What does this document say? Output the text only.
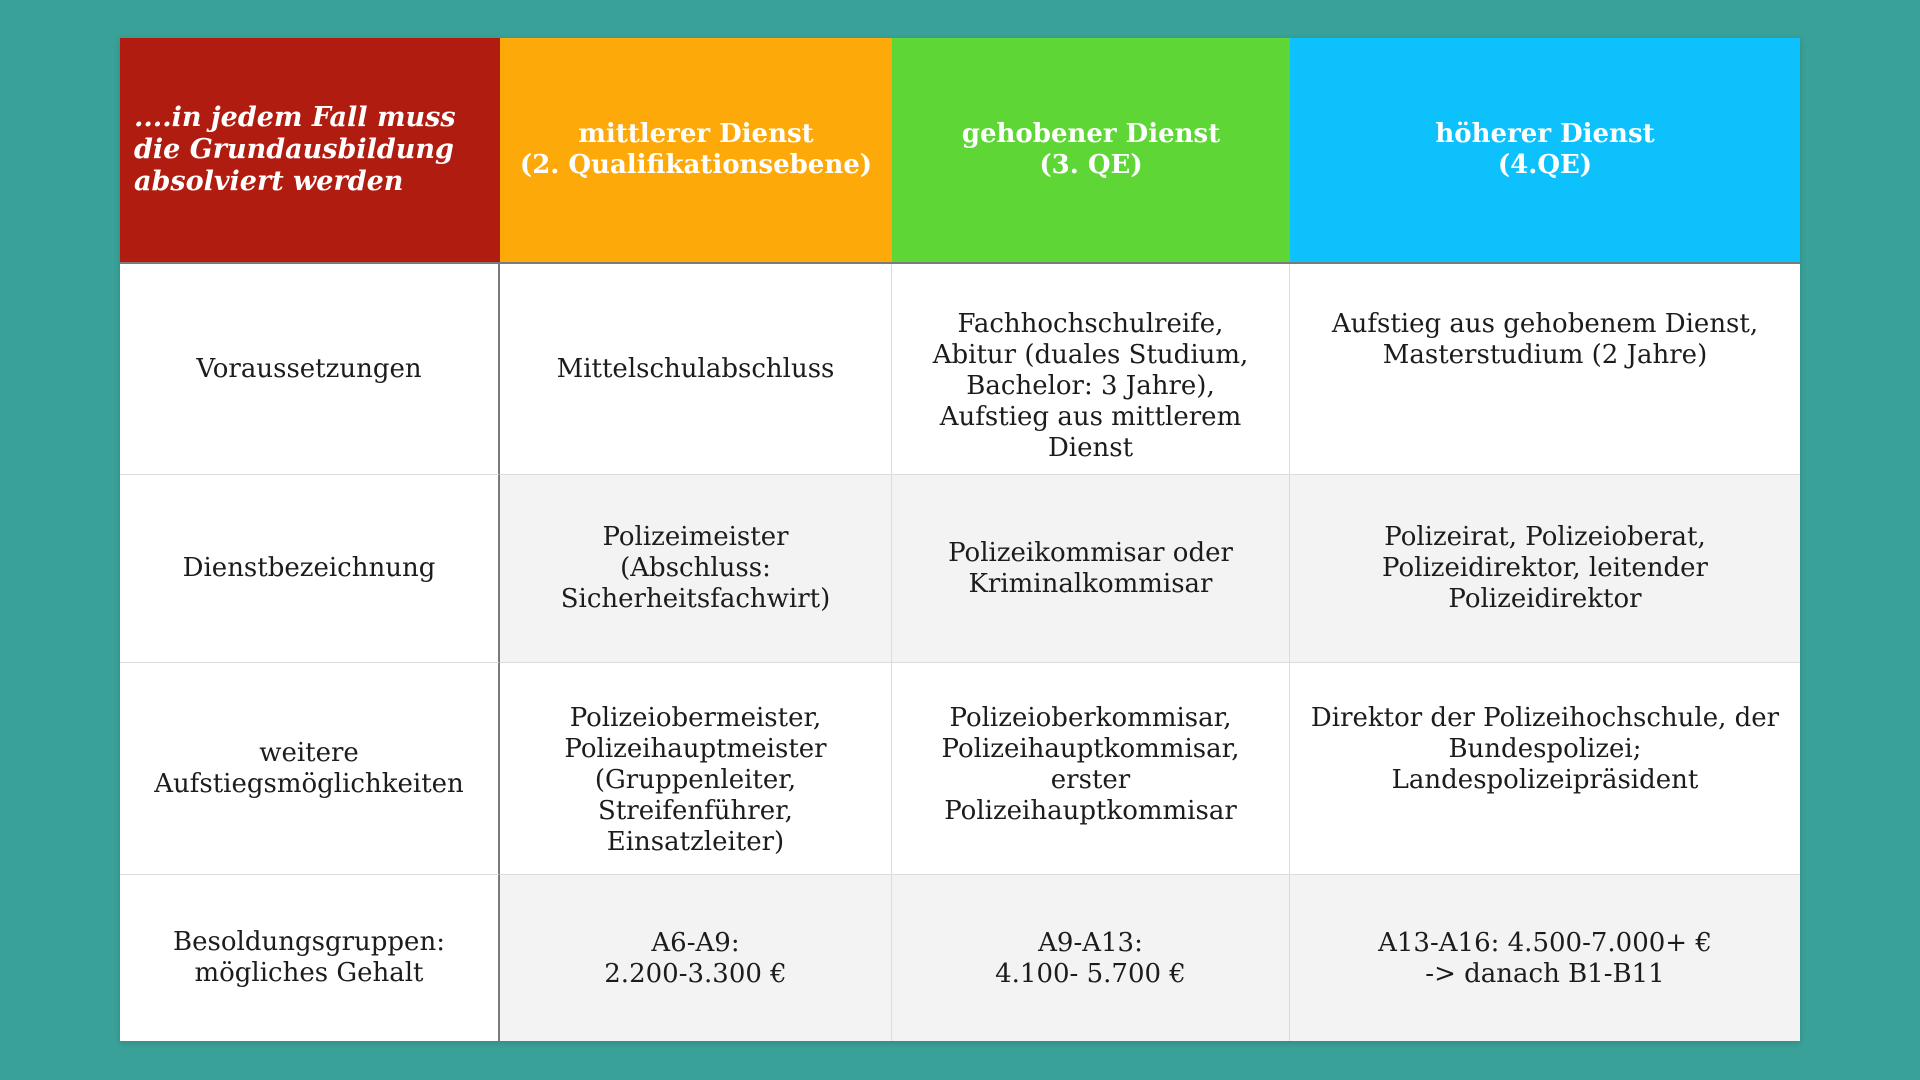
....in jedem Fall muss
die Grundausbildung
absolviert werden
mittlerer Dienst
(2. Qualifikationsebene)
gehobener Dienst
(3. QE)
höherer Dienst
(4.QE)
Voraussetzungen	Mittelschulabschluss
Fachhochschulreife,
Abitur (duales Studium,
Bachelor: 3 Jahre),
Aufstieg aus mittlerem
Dienst
Aufstieg aus gehobenem Dienst,
Masterstudium (2 Jahre)
Dienstbezeichnung
Polizeimeister
(Abschluss:
Sicherheitsfachwirt)
Polizeikommisar oder
Kriminalkommisar
Polizeirat, Polizeioberat,
Polizeidirektor, leitender
Polizeidirektor
weitere
Aufstiegsmöglichkeiten
Polizeiobermeister,
Polizeihauptmeister
(Gruppenleiter,
Streifenführer,
Einsatzleiter)
Polizeioberkommisar,
Polizeihauptkommisar,
erster
Polizeihauptkommisar
Direktor der Polizeihochschule, der
Bundespolizei;
Landespolizeipräsident
Besoldungsgruppen:
mögliches Gehalt
A6-A9:
2.200-3.300 €
A9-A13:
4.100- 5.700 €
A13-A16: 4.500-7.000+ €
-> danach B1-B11
